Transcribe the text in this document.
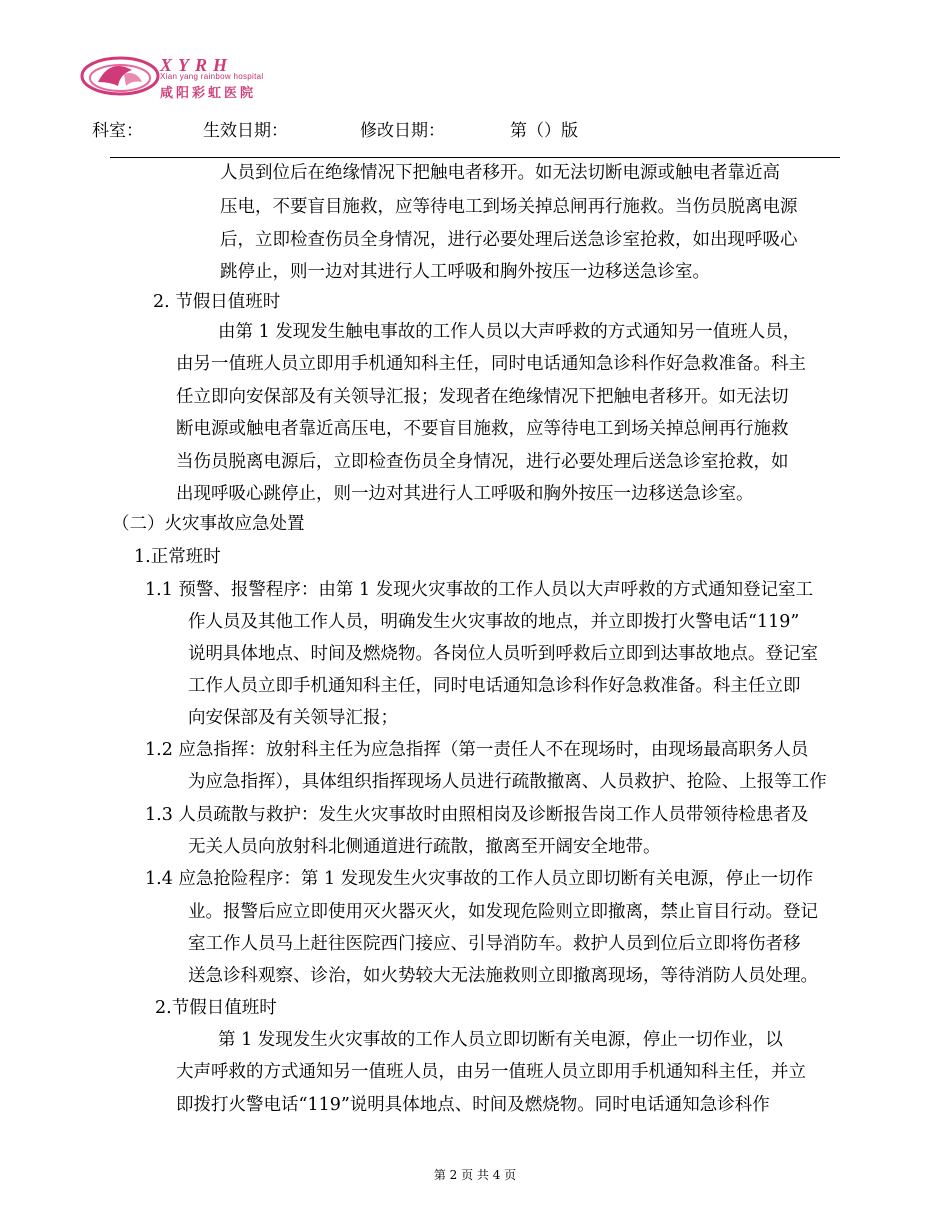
XYRH
Xian yang rainbow hospital
咸阳彩虹医院
科室：	生效日期：	修改日期：	第（）版
人员到位后在绝缘情况下把触电者移开。如无法切断电源或触电者靠近高
压电，不要盲目施救，应等待电工到场关掉总闸再行施救。当伤员脱离电源
后，立即检查伤员全身情况，进行必要处理后送急诊室抢救，如出现呼吸心
跳停止，则一边对其进行人工呼吸和胸外按压一边移送急诊室。
2. 节假日值班时
由第 1 发现发生触电事故的工作人员以大声呼救的方式通知另一值班人员，
由另一值班人员立即用手机通知科主任，同时电话通知急诊科作好急救准备。科主
任立即向安保部及有关领导汇报；发现者在绝缘情况下把触电者移开。如无法切
断电源或触电者靠近高压电，不要盲目施救，应等待电工到场关掉总闸再行施救
当伤员脱离电源后，立即检查伤员全身情况，进行必要处理后送急诊室抢救，如
出现呼吸心跳停止，则一边对其进行人工呼吸和胸外按压一边移送急诊室。
（二）火灾事故应急处置
1.正常班时
1.1 预警、报警程序：由第 1 发现火灾事故的工作人员以大声呼救的方式通知登记室工
作人员及其他工作人员，明确发生火灾事故的地点，并立即拨打火警电话“119”
说明具体地点、时间及燃烧物。各岗位人员听到呼救后立即到达事故地点。登记室
工作人员立即手机通知科主任，同时电话通知急诊科作好急救准备。科主任立即
向安保部及有关领导汇报；
1.2 应急指挥：放射科主任为应急指挥（第一责任人不在现场时，由现场最高职务人员
为应急指挥），具体组织指挥现场人员进行疏散撤离、人员救护、抢险、上报等工作
1.3 人员疏散与救护：发生火灾事故时由照相岗及诊断报告岗工作人员带领待检患者及
无关人员向放射科北侧通道进行疏散，撤离至开阔安全地带。
1.4 应急抢险程序：第 1 发现发生火灾事故的工作人员立即切断有关电源，停止一切作
业。报警后应立即使用灭火器灭火，如发现危险则立即撤离，禁止盲目行动。登记
室工作人员马上赶往医院西门接应、引导消防车。救护人员到位后立即将伤者移
送急诊科观察、诊治，如火势较大无法施救则立即撤离现场，等待消防人员处理。
2.节假日值班时
第 1 发现发生火灾事故的工作人员立即切断有关电源，停止一切作业，以
大声呼救的方式通知另一值班人员，由另一值班人员立即用手机通知科主任，并立
即拨打火警电话“119”说明具体地点、时间及燃烧物。同时电话通知急诊科作
第 2 页 共 4 页
